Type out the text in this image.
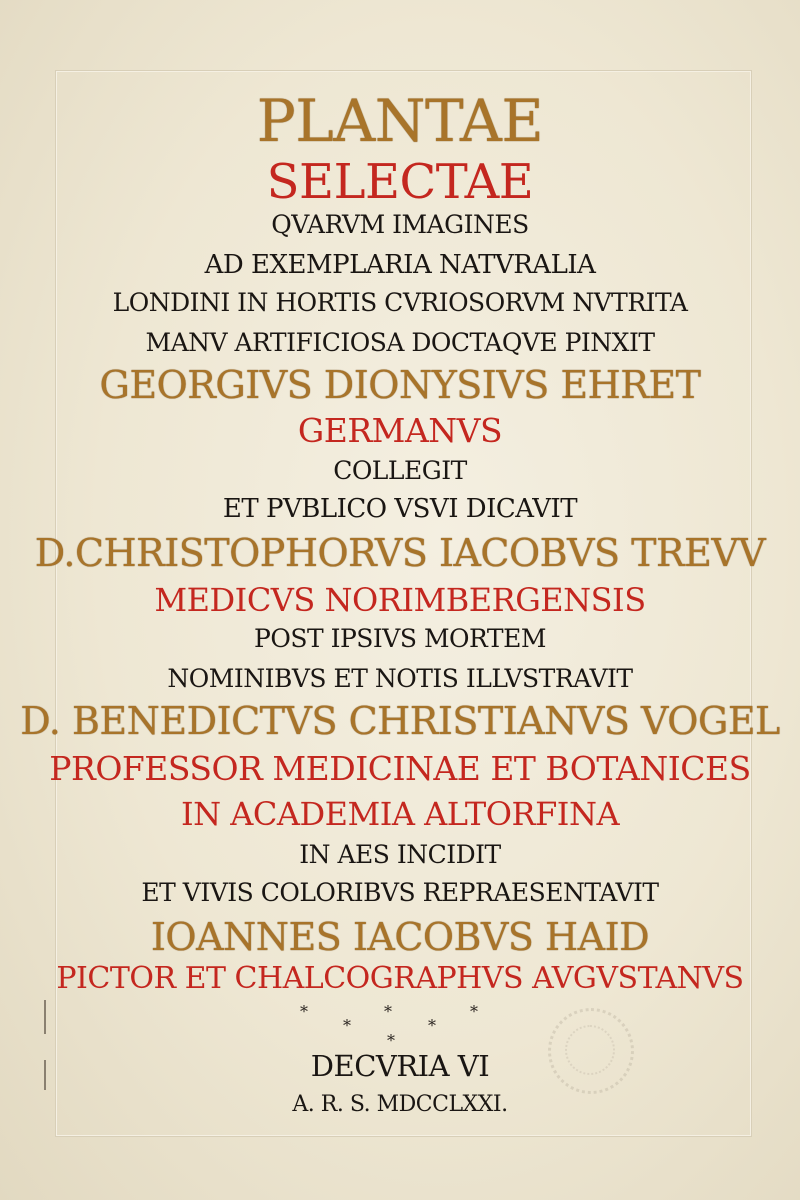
PLANTAE
SELECTAE
QVARVM IMAGINES
AD EXEMPLARIA NATVRALIA
LONDINI IN HORTIS CVRIOSORVM NVTRITA
MANV ARTIFICIOSA DOCTAQVE PINXIT
GEORGIVS DIONYSIVS EHRET
GERMANVS
COLLEGIT
ET PVBLICO VSVI DICAVIT
D.CHRISTOPHORVS IACOBVS TREVV
MEDICVS NORIMBERGENSIS
POST IPSIVS MORTEM
NOMINIBVS ET NOTIS ILLVSTRAVIT
D. BENEDICTVS CHRISTIANVS VOGEL
PROFESSOR MEDICINAE ET BOTANICES
IN ACADEMIA ALTORFINA
IN AES INCIDIT
ET VIVIS COLORIBVS REPRAESENTAVIT
IOANNES IACOBVS HAID
PICTOR ET CHALCOGRAPHVS AVGVSTANVS
*	*	*
*	*
*
DECVRIA VI
A. R. S. MDCCLXXI.
